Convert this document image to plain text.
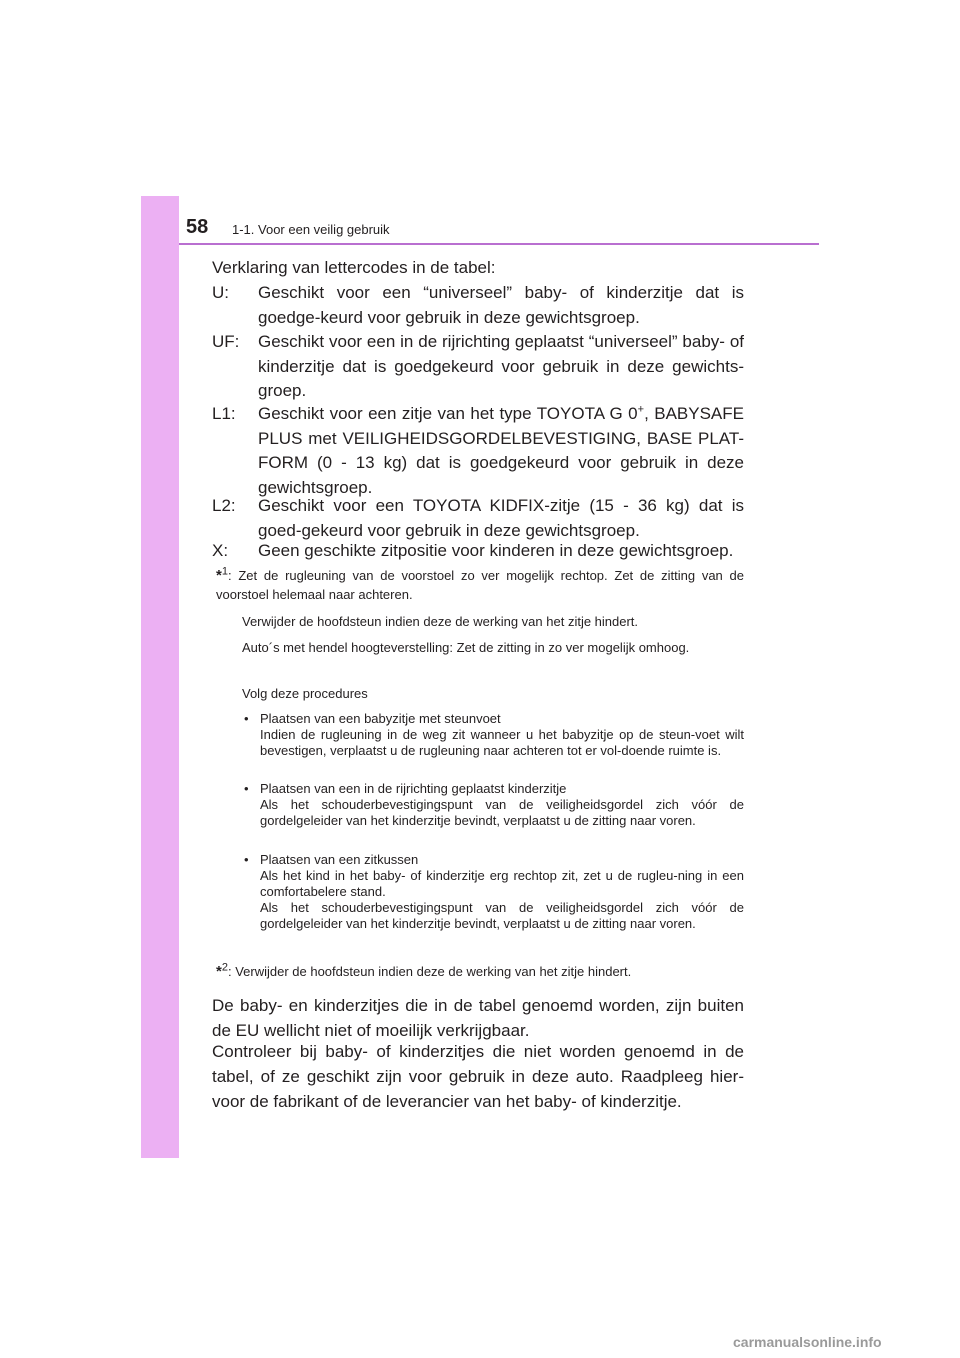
58 1-1. Voor een veilig gebruik
Verklaring van lettercodes in de tabel:
U: Geschikt voor een “universeel” baby- of kinderzitje dat is goedge-keurd voor gebruik in deze gewichtsgroep.
UF: Geschikt voor een in de rijrichting geplaatst “universeel” baby- of kinderzitje dat is goedgekeurd voor gebruik in deze gewichts-groep.
L1: Geschikt voor een zitje van het type TOYOTA G 0+, BABYSAFE PLUS met VEILIGHEIDSGORDELBEVESTIGING, BASE PLAT-FORM (0 - 13 kg) dat is goedgekeurd voor gebruik in deze gewichtsgroep.
L2: Geschikt voor een TOYOTA KIDFIX-zitje (15 - 36 kg) dat is goed-gekeurd voor gebruik in deze gewichtsgroep.
X: Geen geschikte zitpositie voor kinderen in deze gewichtsgroep.
*$^1$: Zet de rugleuning van de voorstoel zo ver mogelijk rechtop. Zet de zitting van de voorstoel helemaal naar achteren.
Verwijder de hoofdsteun indien deze de werking van het zitje hindert.
Auto´s met hendel hoogteverstelling: Zet de zitting in zo ver mogelijk omhoog.
Volg deze procedures
• Plaatsen van een babyzitje met steunvoet
Indien de rugleuning in de weg zit wanneer u het babyzitje op de steun-voet wilt bevestigen, verplaatst u de rugleuning naar achteren tot er vol-doende ruimte is.
• Plaatsen van een in de rijrichting geplaatst kinderzitje
Als het schouderbevestigingspunt van de veiligheidsgordel zich vóór de gordelgeleider van het kinderzitje bevindt, verplaatst u de zitting naar voren.
• Plaatsen van een zitkussen
Als het kind in het baby- of kinderzitje erg rechtop zit, zet u de rugleu-ning in een comfortabelere stand.
Als het schouderbevestigingspunt van de veiligheidsgordel zich vóór de gordelgeleider van het kinderzitje bevindt, verplaatst u de zitting naar voren.
*$^2$: Verwijder de hoofdsteun indien deze de werking van het zitje hindert.
De baby- en kinderzitjes die in de tabel genoemd worden, zijn buiten de EU wellicht niet of moeilijk verkrijgbaar.
Controleer bij baby- of kinderzitjes die niet worden genoemd in de tabel, of ze geschikt zijn voor gebruik in deze auto. Raadpleeg hier-voor de fabrikant of de leverancier van het baby- of kinderzitje.
carmanualsonline.info
